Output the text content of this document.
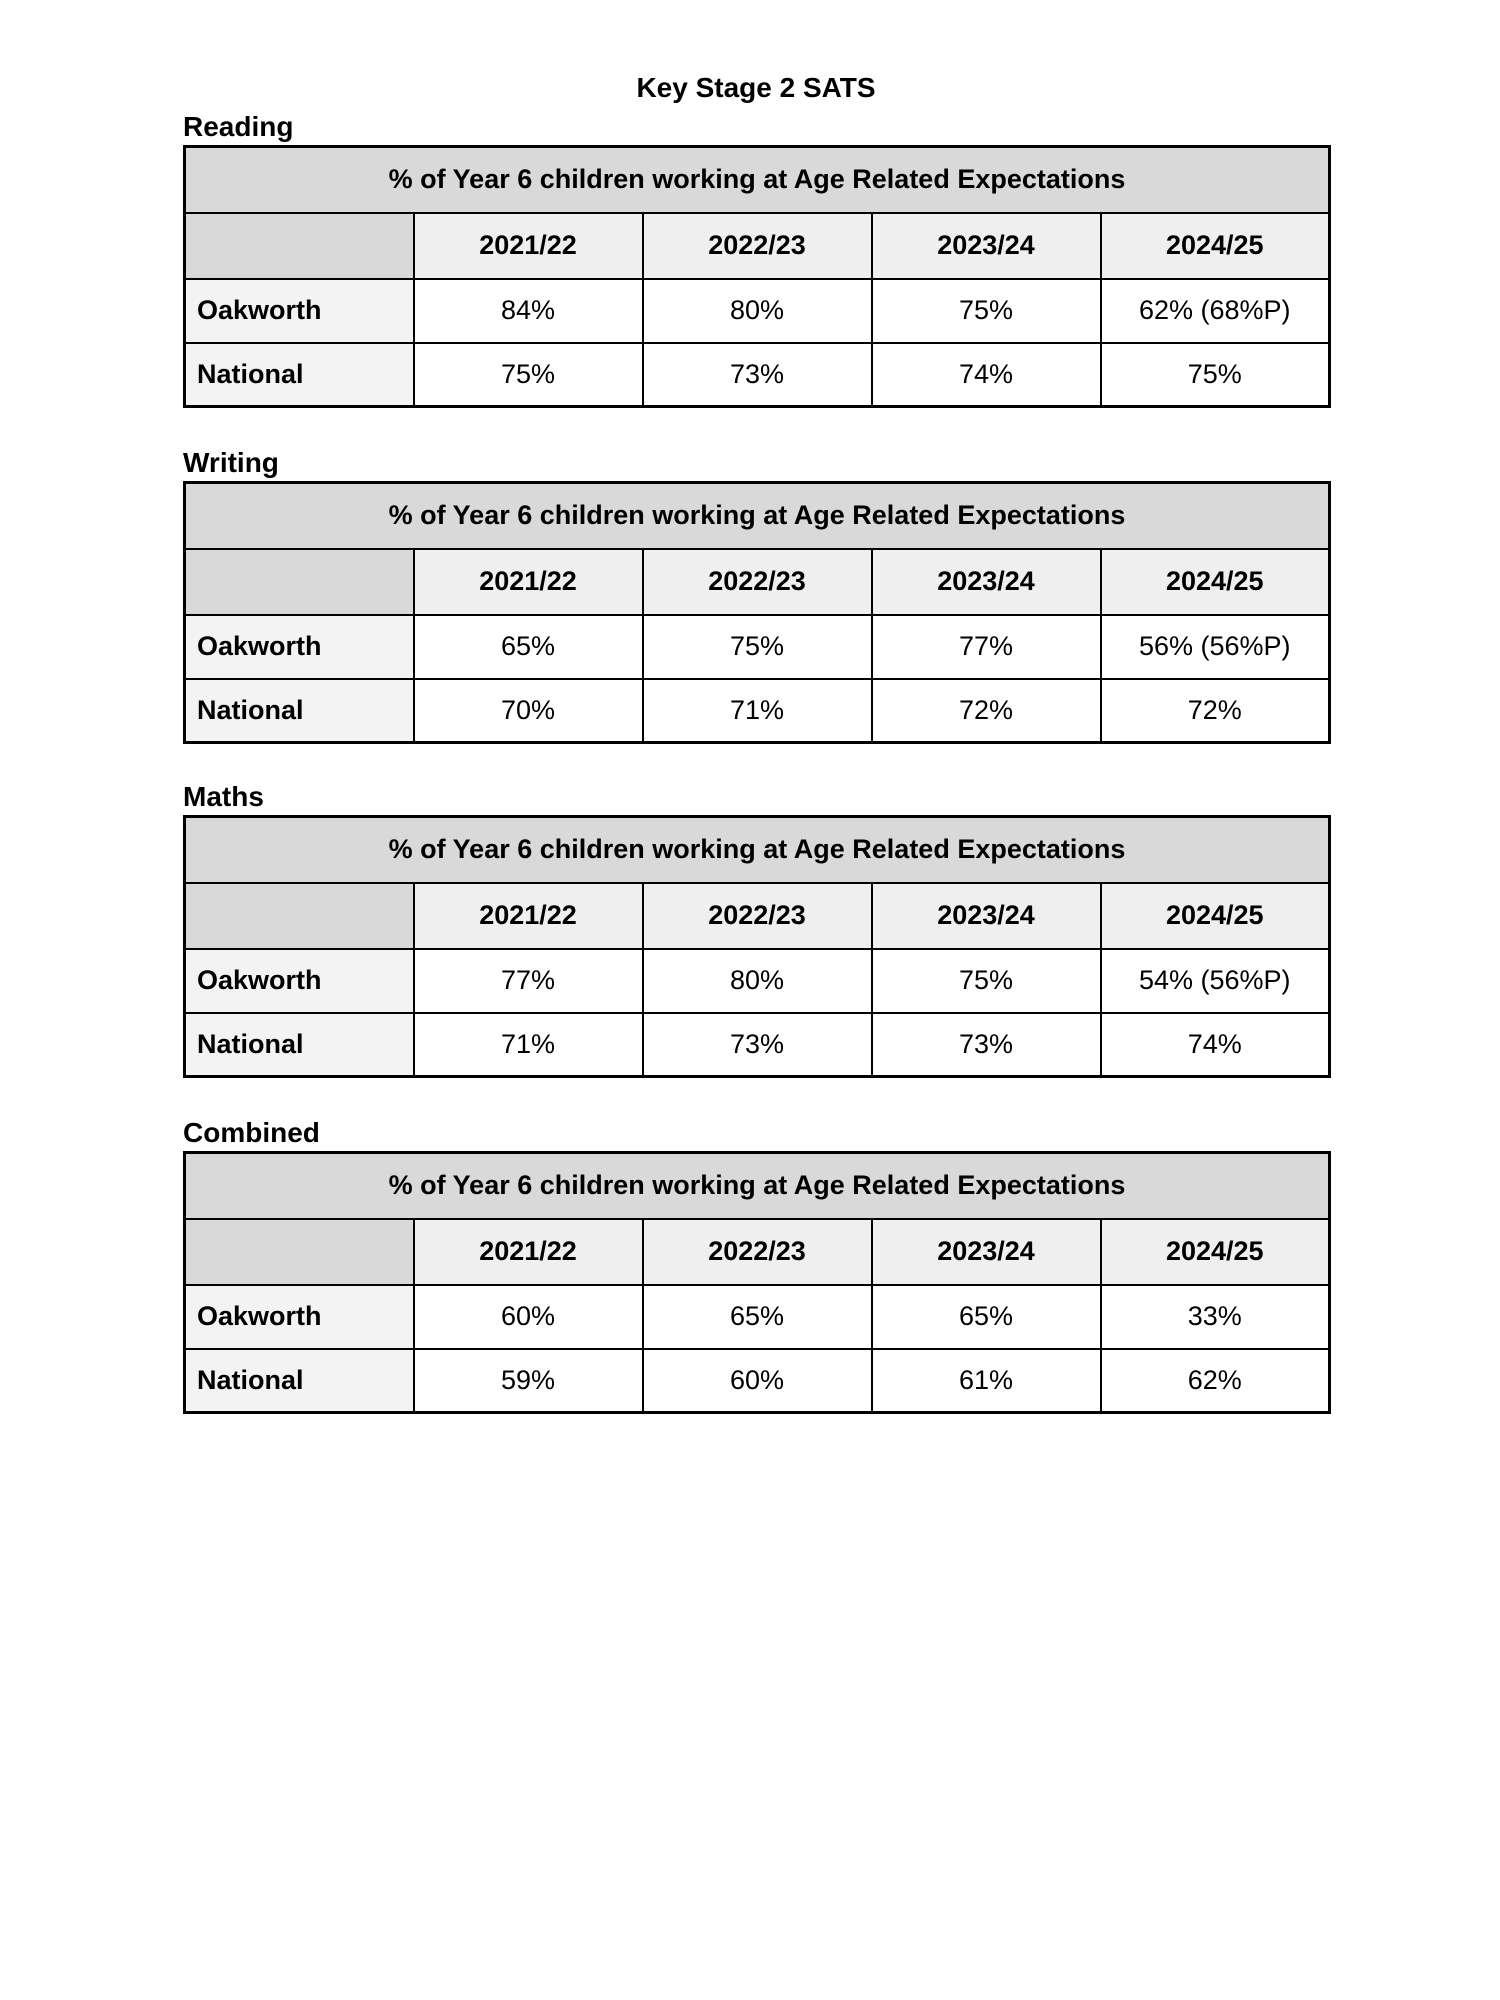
Key Stage 2 SATS
Reading
% of Year 6 children working at Age Related Expectations				
	2021/22	2022/23	2023/24	2024/25
Oakworth	84%	80%	75%	62% (68%P)
National	75%	73%	74%	75%
Writing
% of Year 6 children working at Age Related Expectations				
	2021/22	2022/23	2023/24	2024/25
Oakworth	65%	75%	77%	56% (56%P)
National	70%	71%	72%	72%
Maths
% of Year 6 children working at Age Related Expectations				
	2021/22	2022/23	2023/24	2024/25
Oakworth	77%	80%	75%	54% (56%P)
National	71%	73%	73%	74%
Combined
% of Year 6 children working at Age Related Expectations				
	2021/22	2022/23	2023/24	2024/25
Oakworth	60%	65%	65%	33%
National	59%	60%	61%	62%
